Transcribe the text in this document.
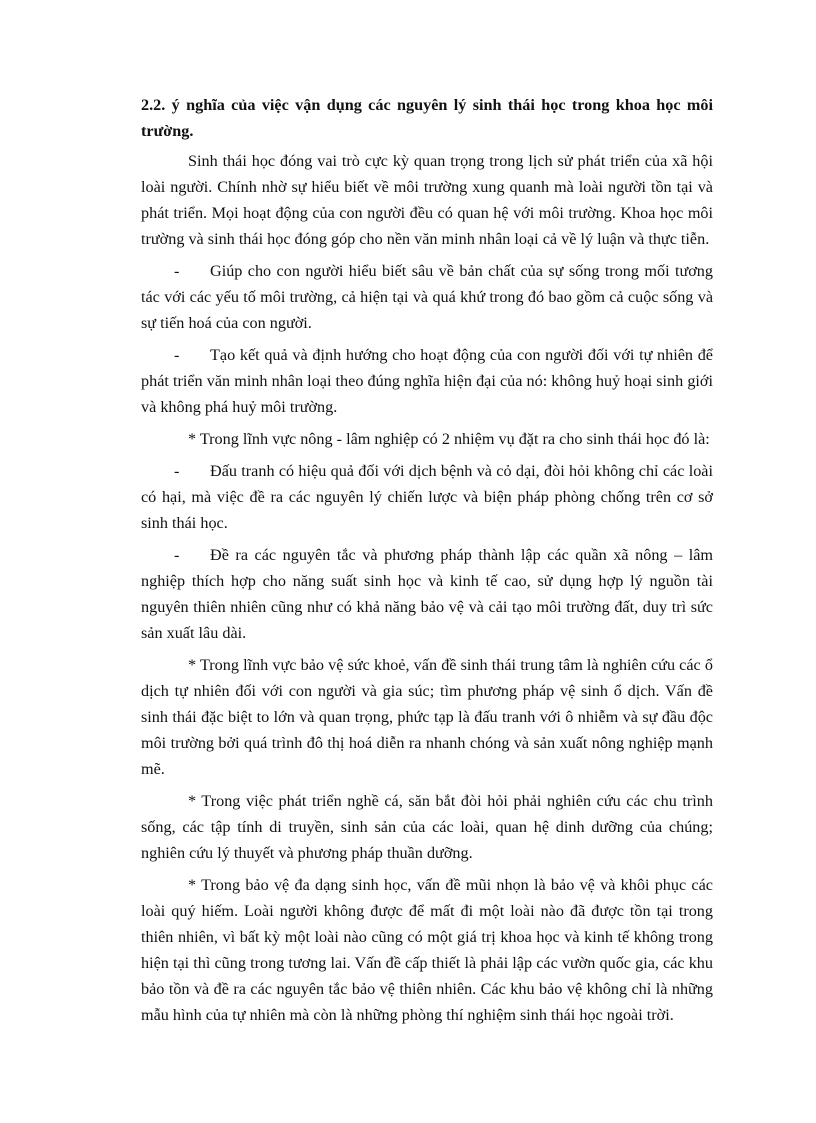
2.2. ý nghĩa của việc vận dụng các nguyên lý sinh thái học trong khoa học môi trường.

Sinh thái học đóng vai trò cực kỳ quan trọng trong lịch sử phát triển của xã hội loài người. Chính nhờ sự hiểu biết về môi trường xung quanh mà loài người tồn tại và phát triển. Mọi hoạt động của con người đều có quan hệ với môi trường. Khoa học môi trường và sinh thái học đóng góp cho nền văn minh nhân loại cả về lý luận và thực tiễn.

- Giúp cho con người hiểu biết sâu về bản chất của sự sống trong mối tương tác với các yếu tố môi trường, cả hiện tại và quá khứ trong đó bao gồm cả cuộc sống và sự tiến hoá của con người.

- Tạo kết quả và định hướng cho hoạt động của con người đối với tự nhiên để phát triển văn minh nhân loại theo đúng nghĩa hiện đại của nó: không huỷ hoại sinh giới và không phá huỷ môi trường.

* Trong lĩnh vực nông - lâm nghiệp có 2 nhiệm vụ đặt ra cho sinh thái học đó là:

- Đấu tranh có hiệu quả đối với dịch bệnh và cỏ dại, đòi hỏi không chỉ các loài có hại, mà việc đề ra các nguyên lý chiến lược và biện pháp phòng chống trên cơ sở sinh thái học.

- Đề ra các nguyên tắc và phương pháp thành lập các quần xã nông – lâm nghiệp thích hợp cho năng suất sinh học và kinh tế cao, sử dụng hợp lý nguồn tài nguyên thiên nhiên cũng như có khả năng bảo vệ và cải tạo môi trường đất, duy trì sức sản xuất lâu dài.

* Trong lĩnh vực bảo vệ sức khoẻ, vấn đề sinh thái trung tâm là nghiên cứu các ổ dịch tự nhiên đối với con người và gia súc; tìm phương pháp vệ sinh ổ dịch. Vấn đề sinh thái đặc biệt to lớn và quan trọng, phức tạp là đấu tranh với ô nhiễm và sự đầu độc môi trường bởi quá trình đô thị hoá diễn ra nhanh chóng và sản xuất nông nghiệp mạnh mẽ.

* Trong việc phát triển nghề cá, săn bắt đòi hỏi phải nghiên cứu các chu trình sống, các tập tính di truyền, sinh sản của các loài, quan hệ dinh dưỡng của chúng; nghiên cứu lý thuyết và phương pháp thuần dưỡng.

* Trong bảo vệ đa dạng sinh học, vấn đề mũi nhọn là bảo vệ và khôi phục các loài quý hiếm. Loài người không được để mất đi một loài nào đã được tồn tại trong thiên nhiên, vì bất kỳ một loài nào cũng có một giá trị khoa học và kinh tế không trong hiện tại thì cũng trong tương lai. Vấn đề cấp thiết là phải lập các vườn quốc gia, các khu bảo tồn và đề ra các nguyên tắc bảo vệ thiên nhiên. Các khu bảo vệ không chỉ là những mẫu hình của tự nhiên mà còn là những phòng thí nghiệm sinh thái học ngoài trời.
